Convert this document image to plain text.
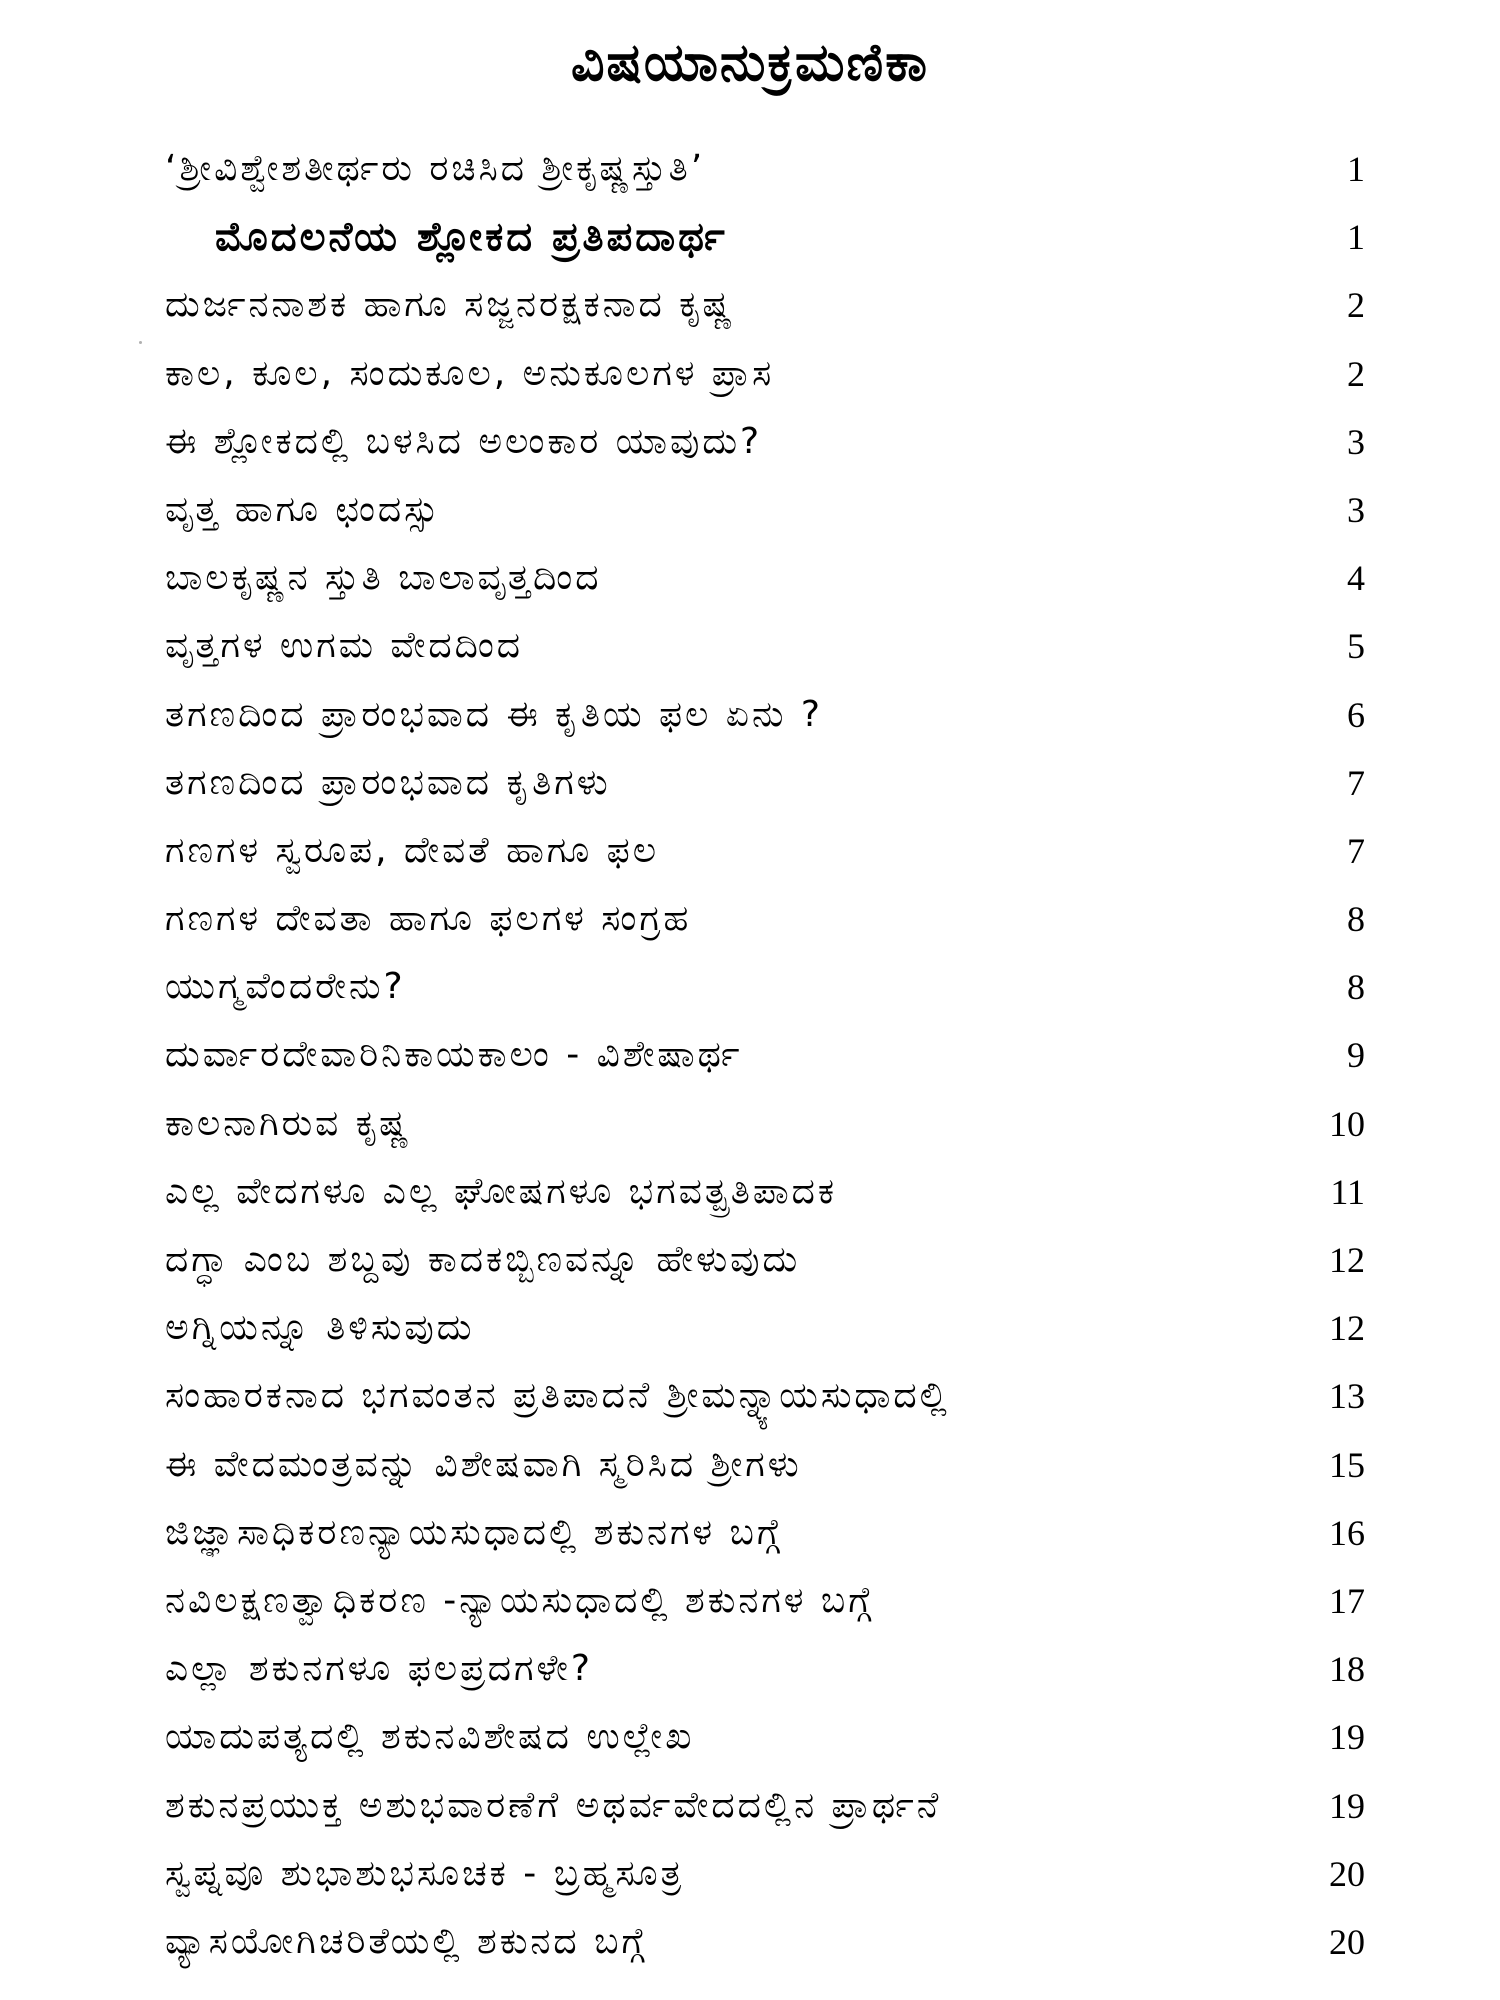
ವಿಷಯಾನುಕ್ರಮಣಿಕಾ
‘ಶ್ರೀವಿಶ್ವೇಶತೀರ್ಥರು ರಚಿಸಿದ ಶ್ರೀಕೃಷ್ಣಸ್ತುತಿ’	1
ಮೊದಲನೆಯ ಶ್ಲೋಕದ ಪ್ರತಿಪದಾರ್ಥ	1
ದುರ್ಜನನಾಶಕ ಹಾಗೂ ಸಜ್ಜನರಕ್ಷಕನಾದ ಕೃಷ್ಣ	2
ಕಾಲ, ಕೂಲ, ಸಂದುಕೂಲ, ಅನುಕೂಲಗಳ ಪ್ರಾಸ	2
ಈ ಶ್ಲೋಕದಲ್ಲಿ ಬಳಸಿದ ಅಲಂಕಾರ ಯಾವುದು?	3
ವೃತ್ತ ಹಾಗೂ ಛಂದಸ್ಸು	3
ಬಾಲಕೃಷ್ಣನ ಸ್ತುತಿ ಬಾಲಾವೃತ್ತದಿಂದ	4
ವೃತ್ತಗಳ ಉಗಮ ವೇದದಿಂದ	5
ತಗಣದಿಂದ ಪ್ರಾರಂಭವಾದ ಈ ಕೃತಿಯ ಫಲ ಏನು ?	6
ತಗಣದಿಂದ ಪ್ರಾರಂಭವಾದ ಕೃತಿಗಳು	7
ಗಣಗಳ ಸ್ವರೂಪ, ದೇವತೆ ಹಾಗೂ ಫಲ	7
ಗಣಗಳ ದೇವತಾ ಹಾಗೂ ಫಲಗಳ ಸಂಗ್ರಹ	8
ಯುಗ್ಮವೆಂದರೇನು?	8
ದುರ್ವಾರದೇವಾರಿನಿಕಾಯಕಾಲಂ - ವಿಶೇಷಾರ್ಥ	9
ಕಾಲನಾಗಿರುವ ಕೃಷ್ಣ	10
ಎಲ್ಲ ವೇದಗಳೂ ಎಲ್ಲ ಘೋಷಗಳೂ ಭಗವತ್ಪ್ರತಿಪಾದಕ	11
ದಗ್ಧಾ ಎಂಬ ಶಬ್ದವು ಕಾದಕಬ್ಬಿಣವನ್ನೂ ಹೇಳುವುದು	12
ಅಗ್ನಿಯನ್ನೂ ತಿಳಿಸುವುದು	12
ಸಂಹಾರಕನಾದ ಭಗವಂತನ ಪ್ರತಿಪಾದನೆ ಶ್ರೀಮನ್ನ್ಯಾಯಸುಧಾದಲ್ಲಿ	13
ಈ ವೇದಮಂತ್ರವನ್ನು ವಿಶೇಷವಾಗಿ ಸ್ಮರಿಸಿದ ಶ್ರೀಗಳು	15
ಜಿಜ್ಞಾಸಾಧಿಕರಣನ್ಯಾಯಸುಧಾದಲ್ಲಿ ಶಕುನಗಳ ಬಗ್ಗೆ	16
ನವಿಲಕ್ಷಣತ್ವಾಧಿಕರಣ -ನ್ಯಾಯಸುಧಾದಲ್ಲಿ ಶಕುನಗಳ ಬಗ್ಗೆ	17
ಎಲ್ಲಾ ಶಕುನಗಳೂ ಫಲಪ್ರದಗಳೇ?	18
ಯಾದುಪತ್ಯದಲ್ಲಿ ಶಕುನವಿಶೇಷದ ಉಲ್ಲೇಖ	19
ಶಕುನಪ್ರಯುಕ್ತ ಅಶುಭವಾರಣೆಗೆ ಅಥರ್ವವೇದದಲ್ಲಿನ ಪ್ರಾರ್ಥನೆ	19
ಸ್ವಪ್ನವೂ ಶುಭಾಶುಭಸೂಚಕ - ಬ್ರಹ್ಮಸೂತ್ರ	20
ವ್ಯಾಸಯೋಗಿಚರಿತೆಯಲ್ಲಿ ಶಕುನದ ಬಗ್ಗೆ	20
